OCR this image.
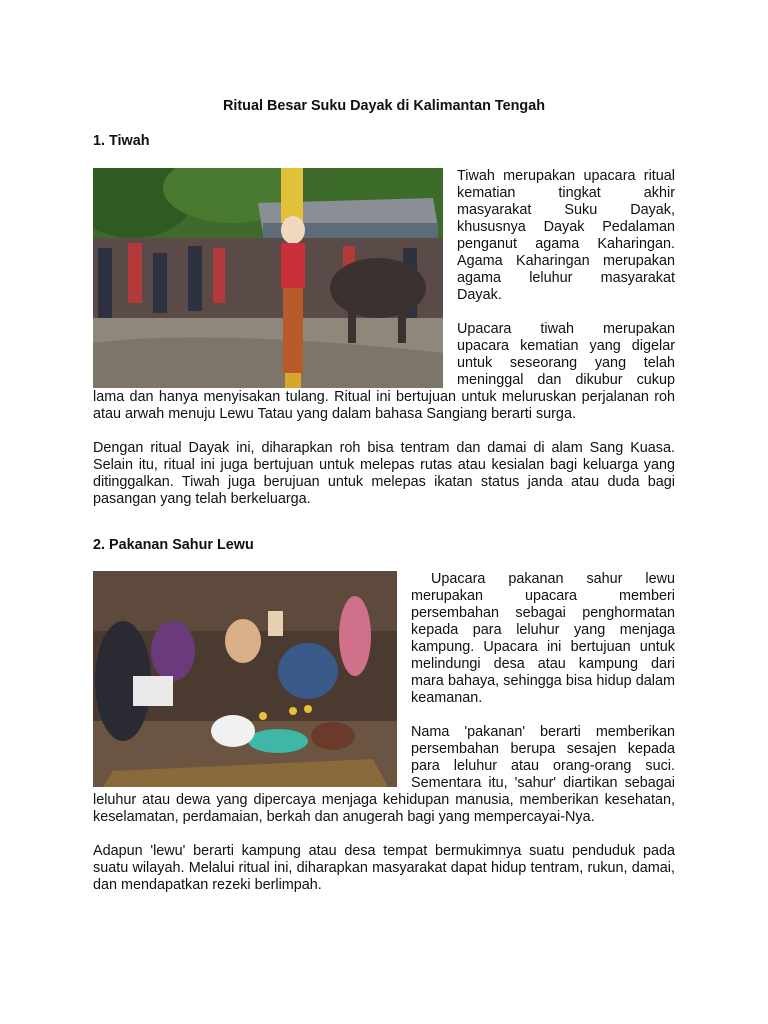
Ritual Besar Suku Dayak di Kalimantan Tengah
1. Tiwah

Tiwah merupakan upacara ritual kematian tingkat akhir masyarakat Suku Dayak, khususnya Dayak Pedalaman penganut agama Kaharingan. Agama Kaharingan merupakan agama leluhur masyarakat Dayak.

Upacara tiwah merupakan upacara kematian yang digelar untuk seseorang yang telah meninggal dan dikubur cukup lama dan hanya menyisakan tulang. Ritual ini bertujuan untuk meluruskan perjalanan roh atau arwah menuju Lewu Tatau yang dalam bahasa Sangiang berarti surga.

Dengan ritual Dayak ini, diharapkan roh bisa tentram dan damai di alam Sang Kuasa. Selain itu, ritual ini juga bertujuan untuk melepas rutas atau kesialan bagi keluarga yang ditinggalkan. Tiwah juga berujuan untuk melepas ikatan status janda atau duda bagi pasangan yang telah berkeluarga.

2. Pakanan Sahur Lewu

Upacara pakanan sahur lewu merupakan upacara memberi persembahan sebagai penghormatan kepada para leluhur yang menjaga kampung. Upacara ini bertujuan untuk melindungi desa atau kampung dari mara bahaya, sehingga bisa hidup dalam keamanan.

Nama 'pakanan' berarti memberikan persembahan berupa sesajen kepada para leluhur atau orang-orang suci. Sementara itu, 'sahur' diartikan sebagai leluhur atau dewa yang dipercaya menjaga kehidupan manusia, memberikan kesehatan, keselamatan, perdamaian, berkah dan anugerah bagi yang mempercayai-Nya.

Adapun 'lewu' berarti kampung atau desa tempat bermukimnya suatu penduduk pada suatu wilayah. Melalui ritual ini, diharapkan masyarakat dapat hidup tentram, rukun, damai, dan mendapatkan rezeki berlimpah.
